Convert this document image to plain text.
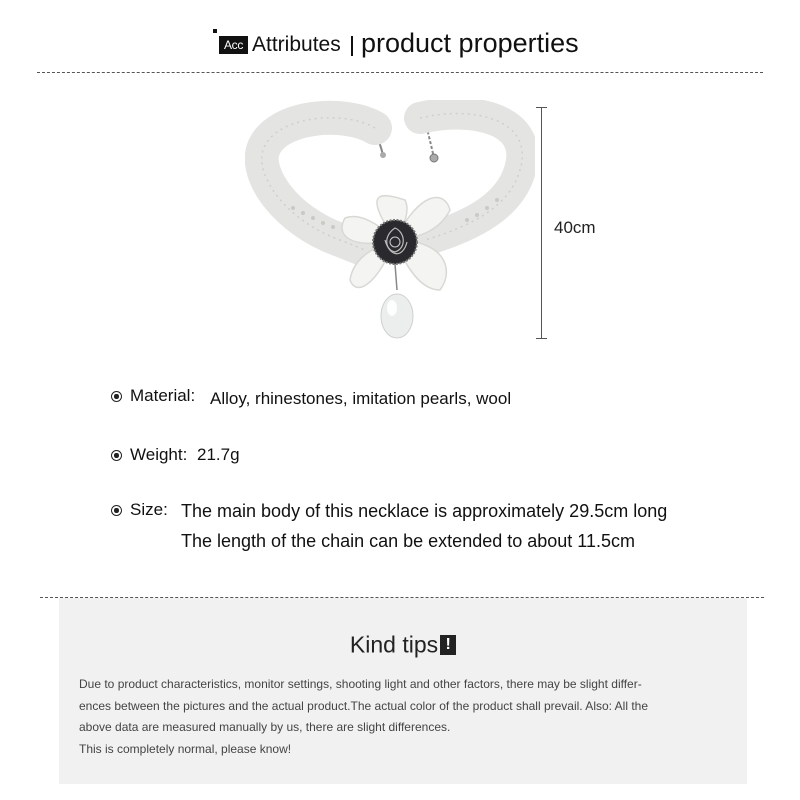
Acc Attributes product properties
40cm
Material: Alloy, rhinestones, imitation pearls, wool
Weight: 21.7g
Size: The main body of this necklace is approximately 29.5cm long
The length of the chain can be extended to about 11.5cm
Kind tips !
Due to product characteristics, monitor settings, shooting light and other factors, there may be slight differ-
ences between the pictures and the actual product.The actual color of the product shall prevail. Also: All the
above data are measured manually by us, there are slight differences.
This is completely normal, please know!
